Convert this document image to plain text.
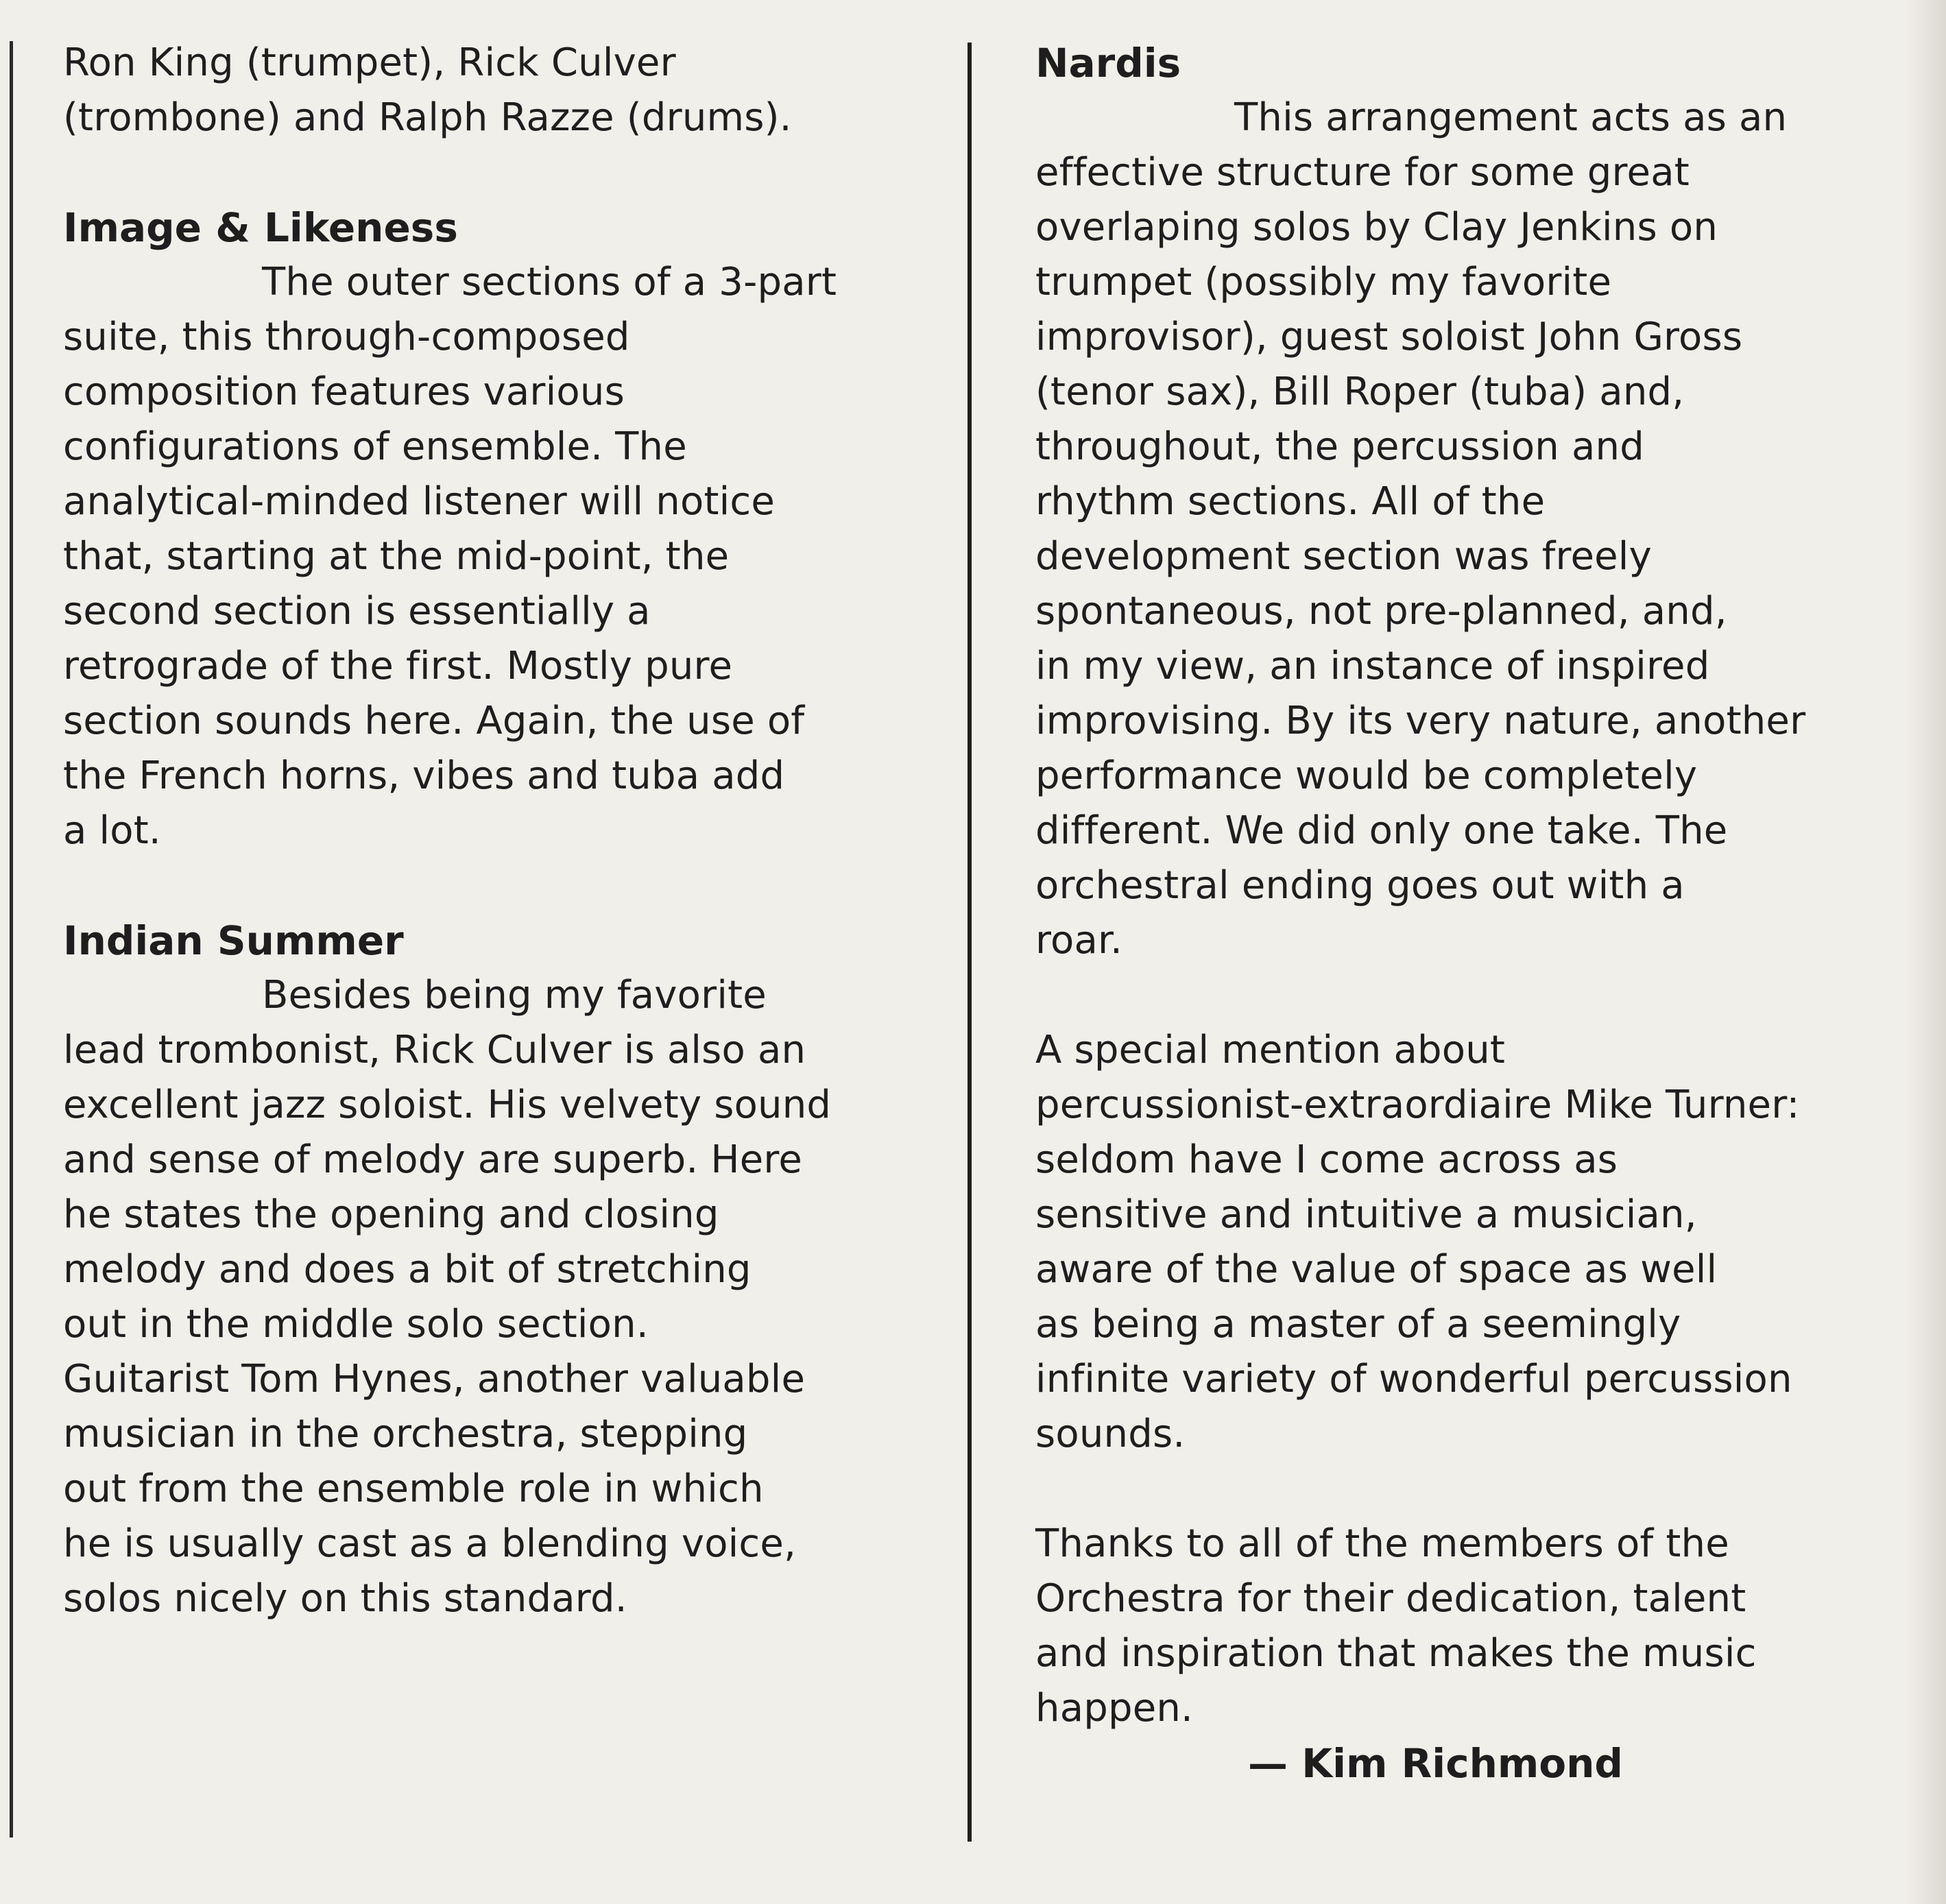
Ron King (trumpet), Rick Culver
(trombone) and Ralph Razze (drums).

Image & Likeness

The outer sections of a 3-part
suite, this through-composed
composition features various
configurations of ensemble. The
analytical-minded listener will notice
that, starting at the mid-point, the
second section is essentially a
retrograde of the first. Mostly pure
section sounds here. Again, the use of
the French horns, vibes and tuba add
a lot.

Indian Summer

Besides being my favorite
lead trombonist, Rick Culver is also an
excellent jazz soloist. His velvety sound
and sense of melody are superb. Here
he states the opening and closing
melody and does a bit of stretching
out in the middle solo section.
Guitarist Tom Hynes, another valuable
musician in the orchestra, stepping
out from the ensemble role in which
he is usually cast as a blending voice,
solos nicely on this standard.

Nardis

This arrangement acts as an
effective structure for some great
overlaping solos by Clay Jenkins on
trumpet (possibly my favorite
improvisor), guest soloist John Gross
(tenor sax), Bill Roper (tuba) and,
throughout, the percussion and
rhythm sections. All of the
development section was freely
spontaneous, not pre-planned, and,
in my view, an instance of inspired
improvising. By its very nature, another
performance would be completely
different. We did only one take. The
orchestral ending goes out with a
roar.

A special mention about
percussionist-extraordiaire Mike Turner:
seldom have I come across as
sensitive and intuitive a musician,
aware of the value of space as well
as being a master of a seemingly
infinite variety of wonderful percussion
sounds.

Thanks to all of the members of the
Orchestra for their dedication, talent
and inspiration that makes the music
happen.

— Kim Richmond
